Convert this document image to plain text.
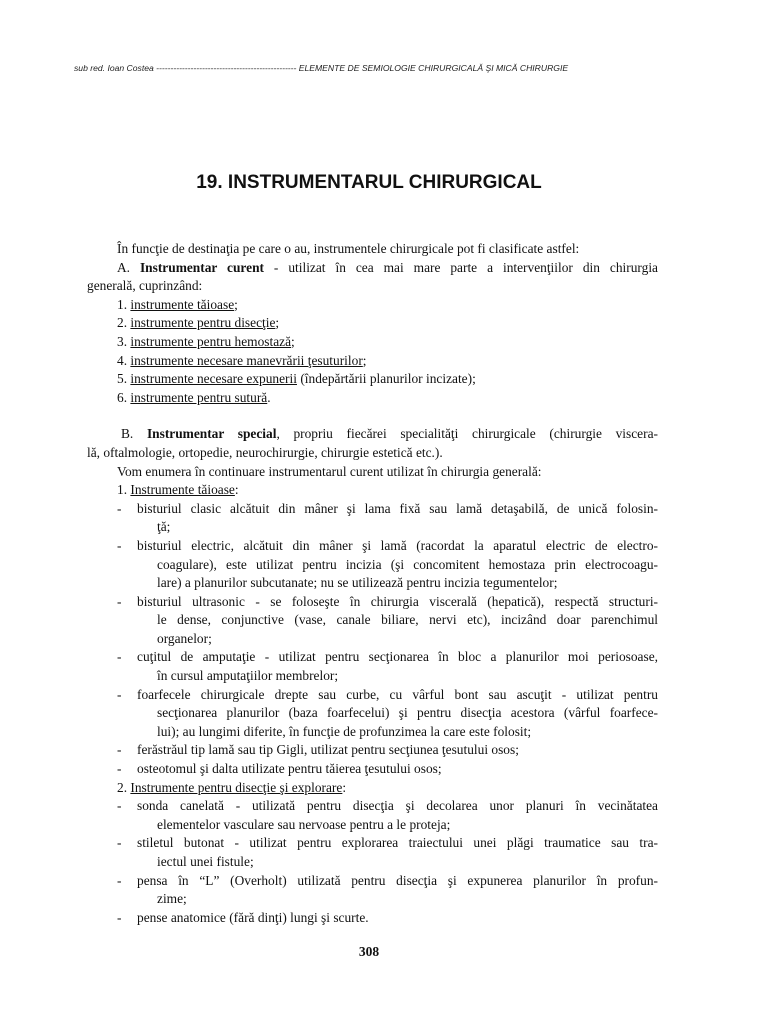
sub red. Ioan Costea ------------------------------------------------- ELEMENTE DE SEMIOLOGIE CHIRURGICALĂ ŞI MICĂ CHIRURGIE
19. INSTRUMENTARUL CHIRURGICAL
În funcţie de destinaţia pe care o au, instrumentele chirurgicale pot fi clasificate astfel:
A. Instrumentar curent - utilizat în cea mai mare parte a intervenţiilor din chirurgia
generală, cuprinzând:
1. instrumente tăioase;
2. instrumente pentru disecţie;
3. instrumente pentru hemostază;
4. instrumente necesare manevrării ţesuturilor;
5. instrumente necesare expunerii (îndepărtării planurilor incizate);
6. instrumente pentru sutură.
B. Instrumentar special, propriu fiecărei specialităţi chirurgicale (chirurgie viscera-
lă, oftalmologie, ortopedie, neurochirurgie, chirurgie estetică etc.).
Vom enumera în continuare instrumentarul curent utilizat în chirurgia generală:
1. Instrumente tăioase:
- bisturiul clasic alcătuit din mâner şi lama fixă sau lamă detaşabilă, de unică folosin-
ţă;
- bisturiul electric, alcătuit din mâner şi lamă (racordat la aparatul electric de electro-
coagulare), este utilizat pentru incizia (şi concomitent hemostaza prin electrocoagu-
lare) a planurilor subcutanate; nu se utilizează pentru incizia tegumentelor;
- bisturiul ultrasonic - se foloseşte în chirurgia viscerală (hepatică), respectă structuri-
le dense, conjunctive (vase, canale biliare, nervi etc), incizând doar parenchimul
organelor;
- cuţitul de amputaţie - utilizat pentru secţionarea în bloc a planurilor moi periosoase,
în cursul amputaţiilor membrelor;
- foarfecele chirurgicale drepte sau curbe, cu vârful bont sau ascuţit - utilizat pentru
secţionarea planurilor (baza foarfecelui) şi pentru disecţia acestora (vârful foarfece-
lui); au lungimi diferite, în funcţie de profunzimea la care este folosit;
- ferăstrăul tip lamă sau tip Gigli, utilizat pentru secţiunea ţesutului osos;
- osteotomul şi dalta utilizate pentru tăierea ţesutului osos;
2. Instrumente pentru disecţie şi explorare:
- sonda canelată - utilizată pentru disecţia şi decolarea unor planuri în vecinătatea
elementelor vasculare sau nervoase pentru a le proteja;
- stiletul butonat - utilizat pentru explorarea traiectului unei plăgi traumatice sau tra-
iectul unei fistule;
- pensa în “L” (Overholt) utilizată pentru disecţia şi expunerea planurilor în profun-
zime;
- pense anatomice (fără dinţi) lungi şi scurte.
308
